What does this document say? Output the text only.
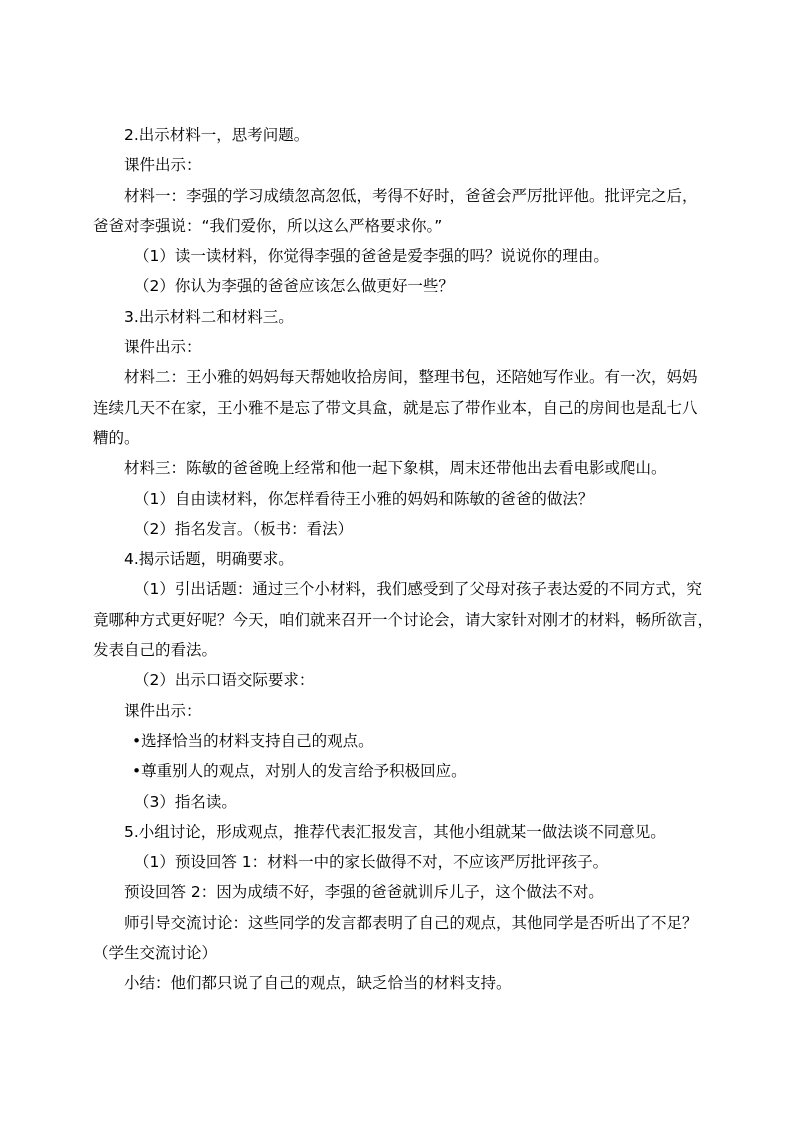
2.出示材料一，思考问题。

课件出示：

材料一：李强的学习成绩忽高忽低，考得不好时，爸爸会严厉批评他。批评完之后，

爸爸对李强说：“我们爱你，所以这么严格要求你。”

（1）读一读材料，你觉得李强的爸爸是爱李强的吗？说说你的理由。

（2）你认为李强的爸爸应该怎么做更好一些？

3.出示材料二和材料三。

课件出示：

材料二：王小雅的妈妈每天帮她收拾房间，整理书包，还陪她写作业。有一次，妈妈

连续几天不在家，王小雅不是忘了带文具盒，就是忘了带作业本，自己的房间也是乱七八

糟的。

材料三：陈敏的爸爸晚上经常和他一起下象棋，周末还带他出去看电影或爬山。

（1）自由读材料，你怎样看待王小雅的妈妈和陈敏的爸爸的做法？

（2）指名发言。（板书：看法）

4.揭示话题，明确要求。

（1）引出话题：通过三个小材料，我们感受到了父母对孩子表达爱的不同方式，究

竟哪种方式更好呢？今天，咱们就来召开一个讨论会，请大家针对刚才的材料，畅所欲言，

发表自己的看法。

（2）出示口语交际要求：

课件出示：

•选择恰当的材料支持自己的观点。

•尊重别人的观点，对别人的发言给予积极回应。

（3）指名读。

5.小组讨论，形成观点，推荐代表汇报发言，其他小组就某一做法谈不同意见。

（1）预设回答 1：材料一中的家长做得不对，不应该严厉批评孩子。

预设回答 2：因为成绩不好，李强的爸爸就训斥儿子，这个做法不对。

师引导交流讨论：这些同学的发言都表明了自己的观点，其他同学是否听出了不足？

（学生交流讨论）

小结：他们都只说了自己的观点，缺乏恰当的材料支持。
